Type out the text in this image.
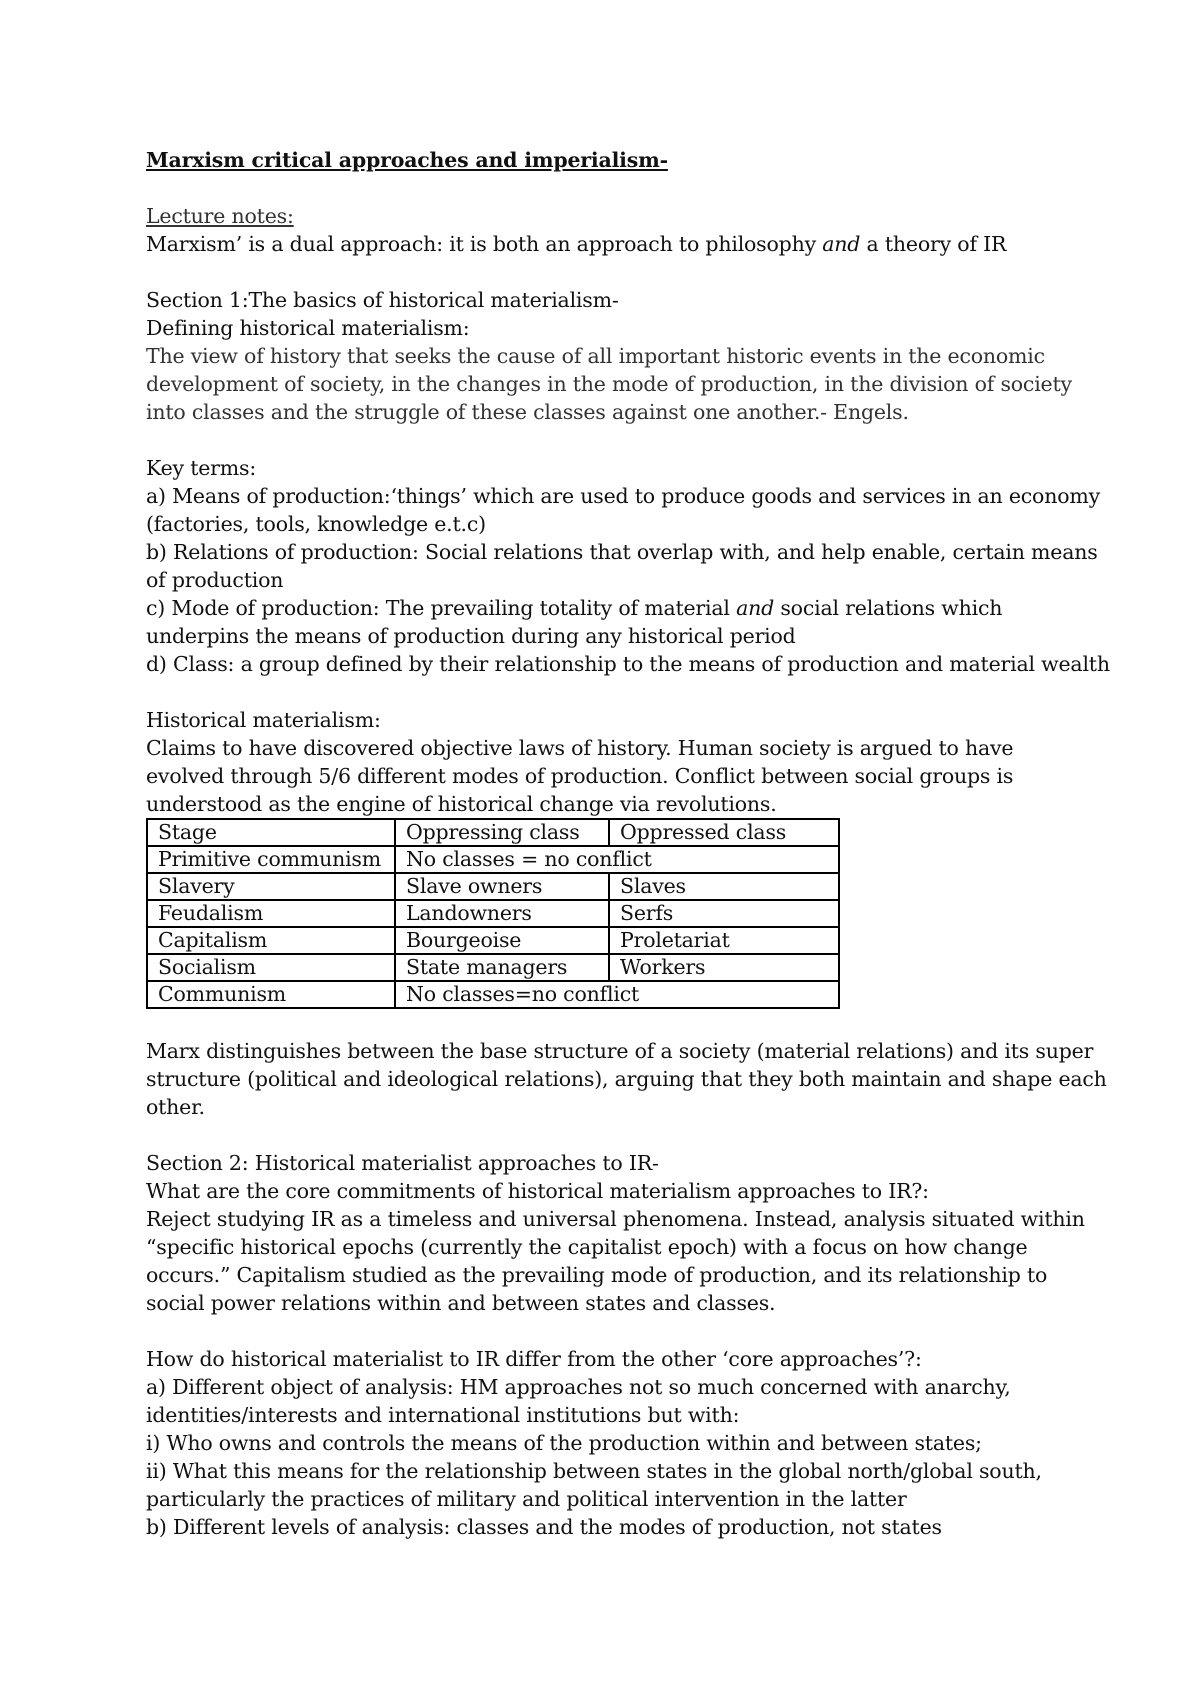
Marxism critical approaches and imperialism-

Lecture notes:

Marxism’ is a dual approach: it is both an approach to philosophy and a theory of IR

Section 1:The basics of historical materialism-

Defining historical materialism:

The view of history that seeks the cause of all important historic events in the economic

development of society, in the changes in the mode of production, in the division of society

into classes and the struggle of these classes against one another.- Engels.

Key terms:

a) Means of production:‘things’ which are used to produce goods and services in an economy

(factories, tools, knowledge e.t.c)

b) Relations of production: Social relations that overlap with, and help enable, certain means

of production

c) Mode of production: The prevailing totality of material and social relations which

underpins the means of production during any historical period

d) Class: a group defined by their relationship to the means of production and material wealth

Historical materialism:

Claims to have discovered objective laws of history. Human society is argued to have

evolved through 5/6 different modes of production. Conflict between social groups is

understood as the engine of historical change via revolutions.

Stage	Oppressing class	Oppressed class
Primitive communism	No classes = no conflict	
Slavery	Slave owners	Slaves
Feudalism	Landowners	Serfs
Capitalism	Bourgeoise	Proletariat
Socialism	State managers	Workers
Communism	No classes=no conflict	

Marx distinguishes between the base structure of a society (material relations) and its super

structure (political and ideological relations), arguing that they both maintain and shape each

other.

Section 2: Historical materialist approaches to IR-

What are the core commitments of historical materialism approaches to IR?:

Reject studying IR as a timeless and universal phenomena. Instead, analysis situated within

“specific historical epochs (currently the capitalist epoch) with a focus on how change

occurs.” Capitalism studied as the prevailing mode of production, and its relationship to

social power relations within and between states and classes.

How do historical materialist to IR differ from the other ‘core approaches’?:

a) Different object of analysis: HM approaches not so much concerned with anarchy,

identities/interests and international institutions but with:

i) Who owns and controls the means of the production within and between states;

ii) What this means for the relationship between states in the global north/global south,

particularly the practices of military and political intervention in the latter

b) Different levels of analysis: classes and the modes of production, not states
